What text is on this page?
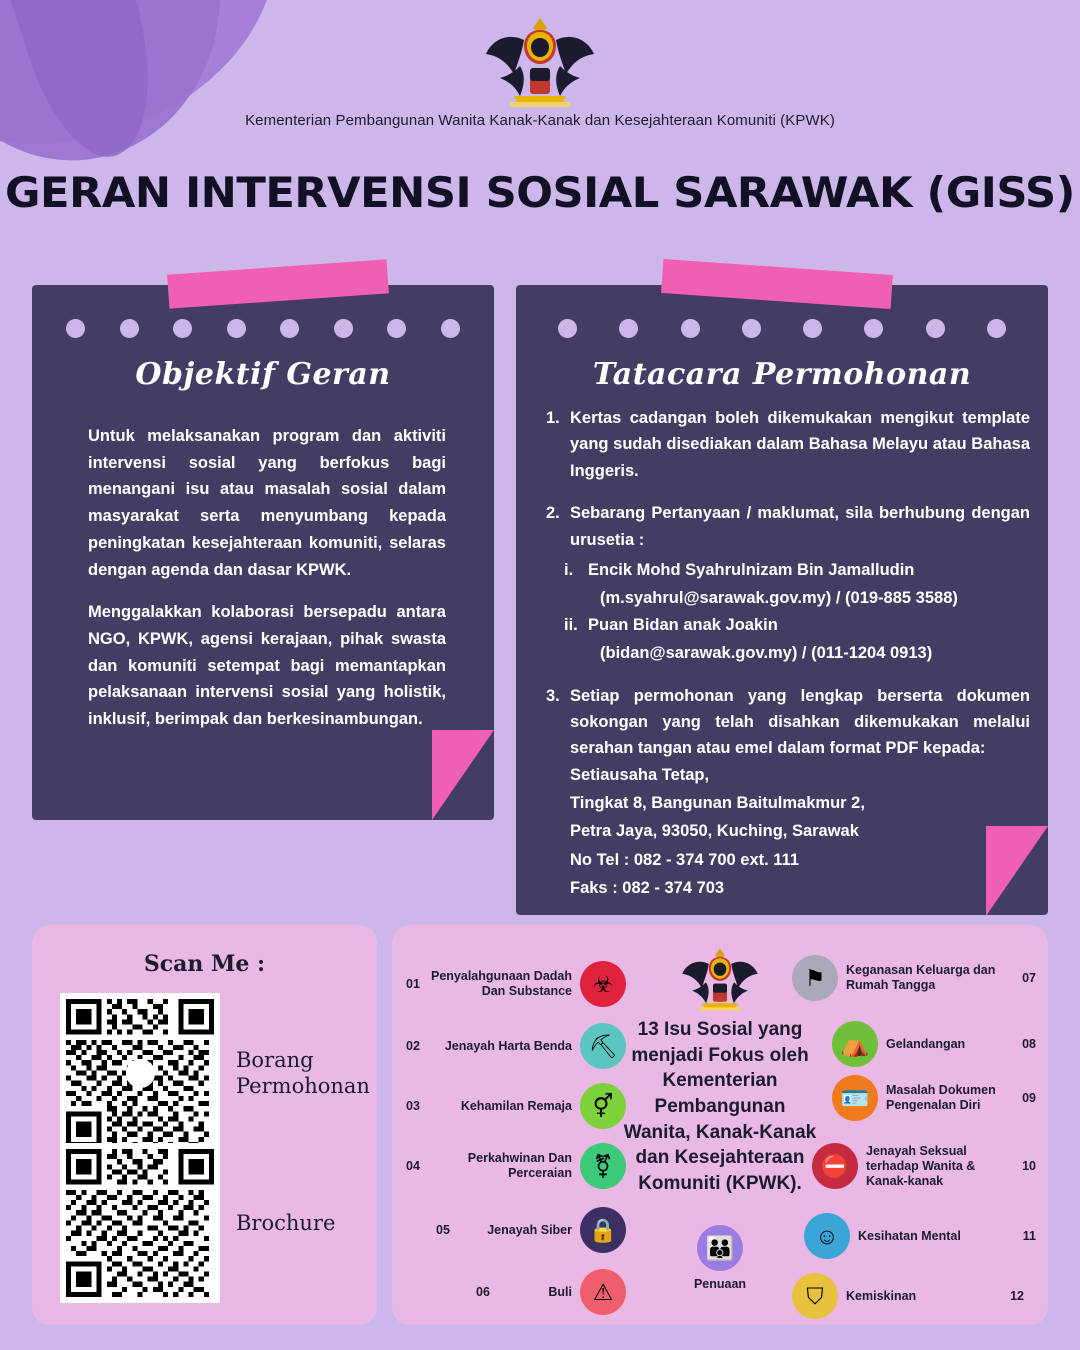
Kementerian Pembangunan Wanita Kanak-Kanak dan Kesejahteraan Komuniti (KPWK)
GERAN INTERVENSI SOSIAL SARAWAK (GISS)
Objektif Geran

Untuk melaksanakan program dan aktiviti intervensi sosial yang berfokus bagi menangani isu atau masalah sosial dalam masyarakat serta menyumbang kepada peningkatan kesejahteraan komuniti, selaras dengan agenda dan dasar KPWK.

Menggalakkan kolaborasi bersepadu antara NGO, KPWK, agensi kerajaan, pihak swasta dan komuniti setempat bagi memantapkan pelaksanaan intervensi sosial yang holistik, inklusif, berimpak dan berkesinambungan.

Tatacara Permohonan
1. Kertas cadangan boleh dikemukakan mengikut template yang sudah disediakan dalam Bahasa Melayu atau Bahasa Inggeris.
2. Sebarang Pertanyaan / maklumat, sila berhubung dengan urusetia :
i. Encik Mohd Syahrulnizam Bin Jamalludin
(m.syahrul@sarawak.gov.my) / (019-885 3588)
ii. Puan Bidan anak Joakin
(bidan@sarawak.gov.my) / (011-1204 0913)
3. Setiap permohonan yang lengkap berserta dokumen sokongan yang telah disahkan dikemukakan melalui serahan tangan atau emel dalam format PDF kepada:
Setiausaha Tetap,
Tingkat 8, Bangunan Baitulmakmur 2,
Petra Jaya, 93050, Kuching, Sarawak
No Tel : 082 - 374 700 ext. 111
Faks : 082 - 374 703
Scan Me :
Borang Permohonan
Brochure
13 Isu Sosial yang menjadi Fokus oleh Kementerian Pembangunan Wanita, Kanak-Kanak dan Kesejahteraan Komuniti (KPWK).
01
Penyalahgunaan Dadah Dan Substance ☣
02	Jenayah Harta Benda ⛏
03	Kehamilan Remaja ⚥
04
Perkahwinan Dan Perceraian ⚧
05	Jenayah Siber 🔒
06	Buli ⚠
⚑ Keganasan Keluarga dan Rumah Tangga	07
⛺ Gelandangan	08
🪪 Masalah Dokumen Pengenalan Diri	09
⛔
Jenayah Seksual terhadap Wanita & Kanak-kanak
10
☺ Kesihatan Mental	11
⛉ Kemiskinan	12
👪
Penuaan
